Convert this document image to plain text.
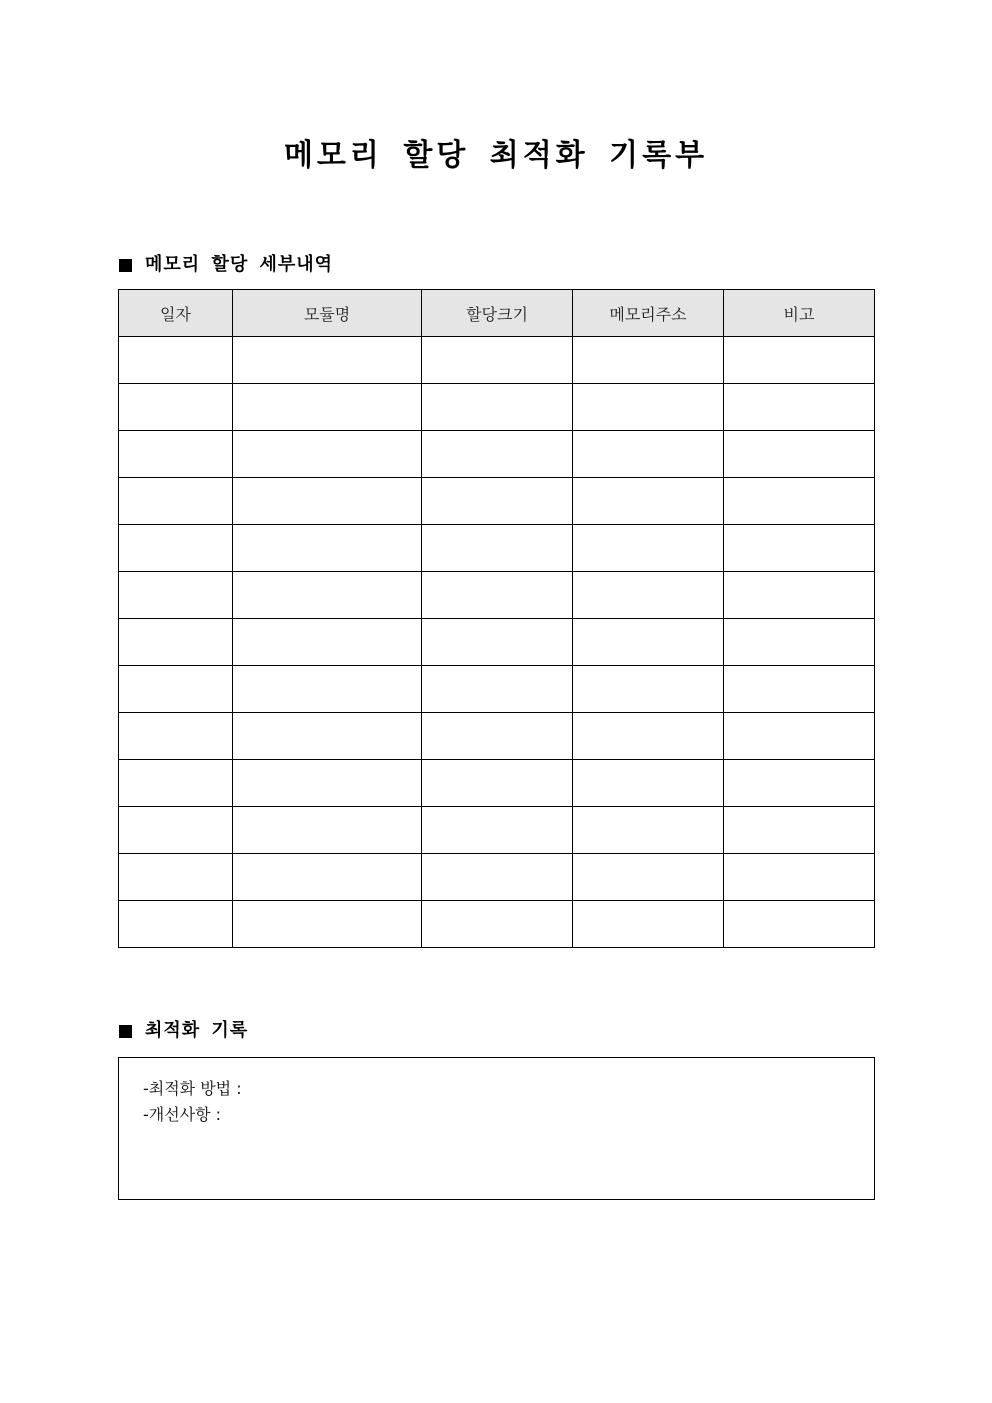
메모리 할당 최적화 기록부
메모리 할당 세부내역
일자	모듈명	할당크기	메모리주소	비고

최적화 기록
-최적화 방법 :
-개선사항 :
